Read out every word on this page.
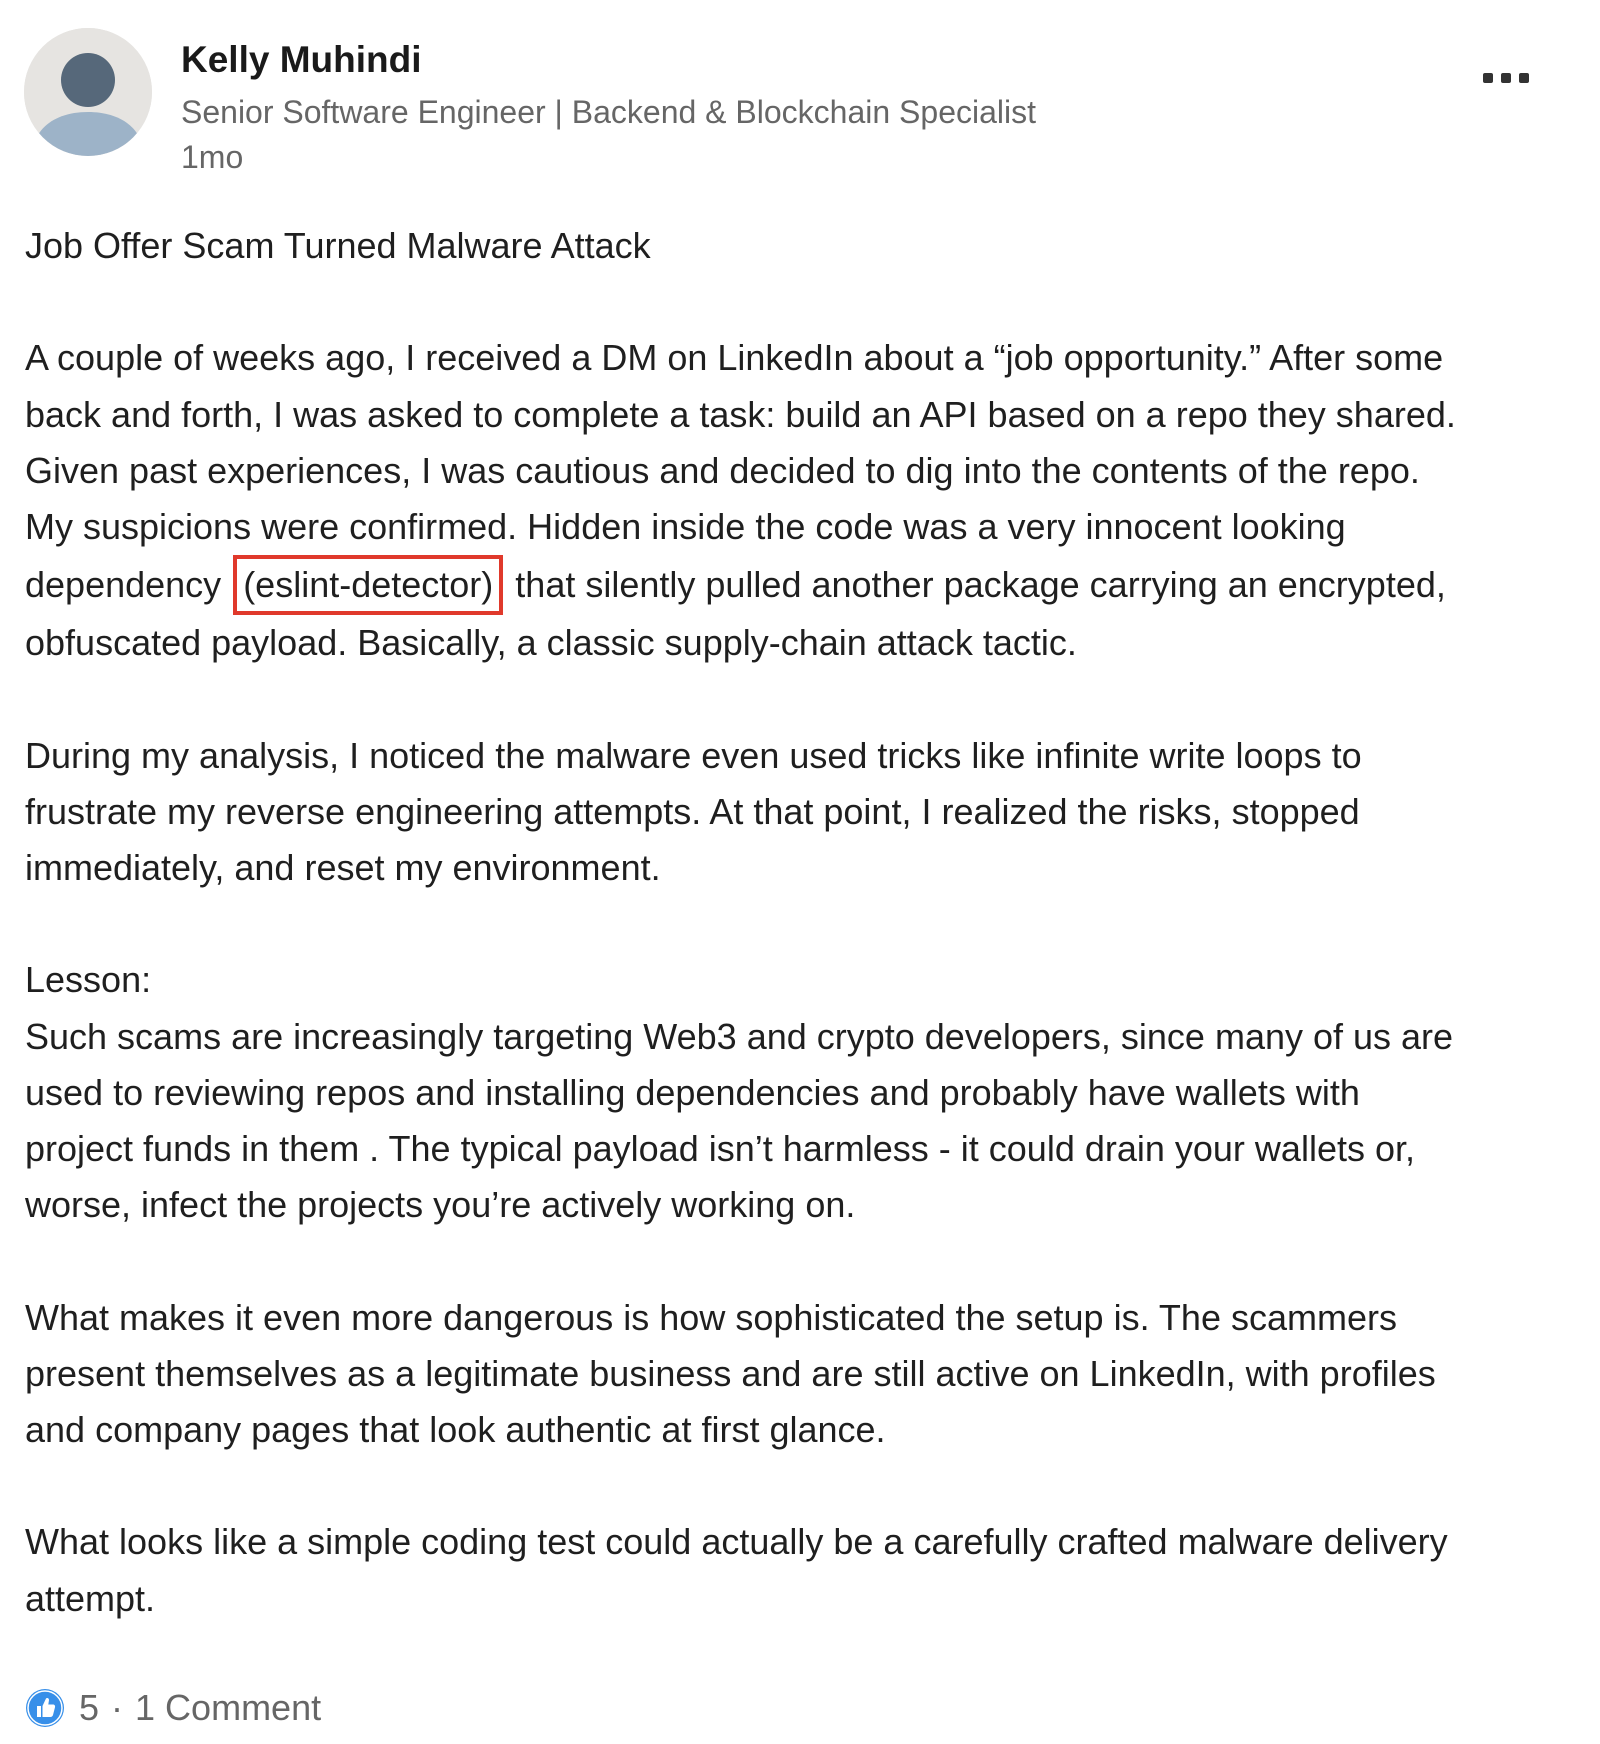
Kelly Muhindi
Senior Software Engineer | Backend & Blockchain Specialist
1mo

Job Offer Scam Turned Malware Attack

A couple of weeks ago, I received a DM on LinkedIn about a “job opportunity.” After some

back and forth, I was asked to complete a task: build an API based on a repo they shared.

Given past experiences, I was cautious and decided to dig into the contents of the repo.

My suspicions were confirmed. Hidden inside the code was a very innocent looking

dependency (eslint-detector) that silently pulled another package carrying an encrypted,

obfuscated payload. Basically, a classic supply-chain attack tactic.

During my analysis, I noticed the malware even used tricks like infinite write loops to

frustrate my reverse engineering attempts. At that point, I realized the risks, stopped

immediately, and reset my environment.

Lesson:

Such scams are increasingly targeting Web3 and crypto developers, since many of us are

used to reviewing repos and installing dependencies and probably have wallets with

project funds in them . The typical payload isn’t harmless - it could drain your wallets or,

worse, infect the projects you’re actively working on.

What makes it even more dangerous is how sophisticated the setup is. The scammers

present themselves as a legitimate business and are still active on LinkedIn, with profiles

and company pages that look authentic at first glance.

What looks like a simple coding test could actually be a carefully crafted malware delivery

attempt.

5 · 1 Comment
